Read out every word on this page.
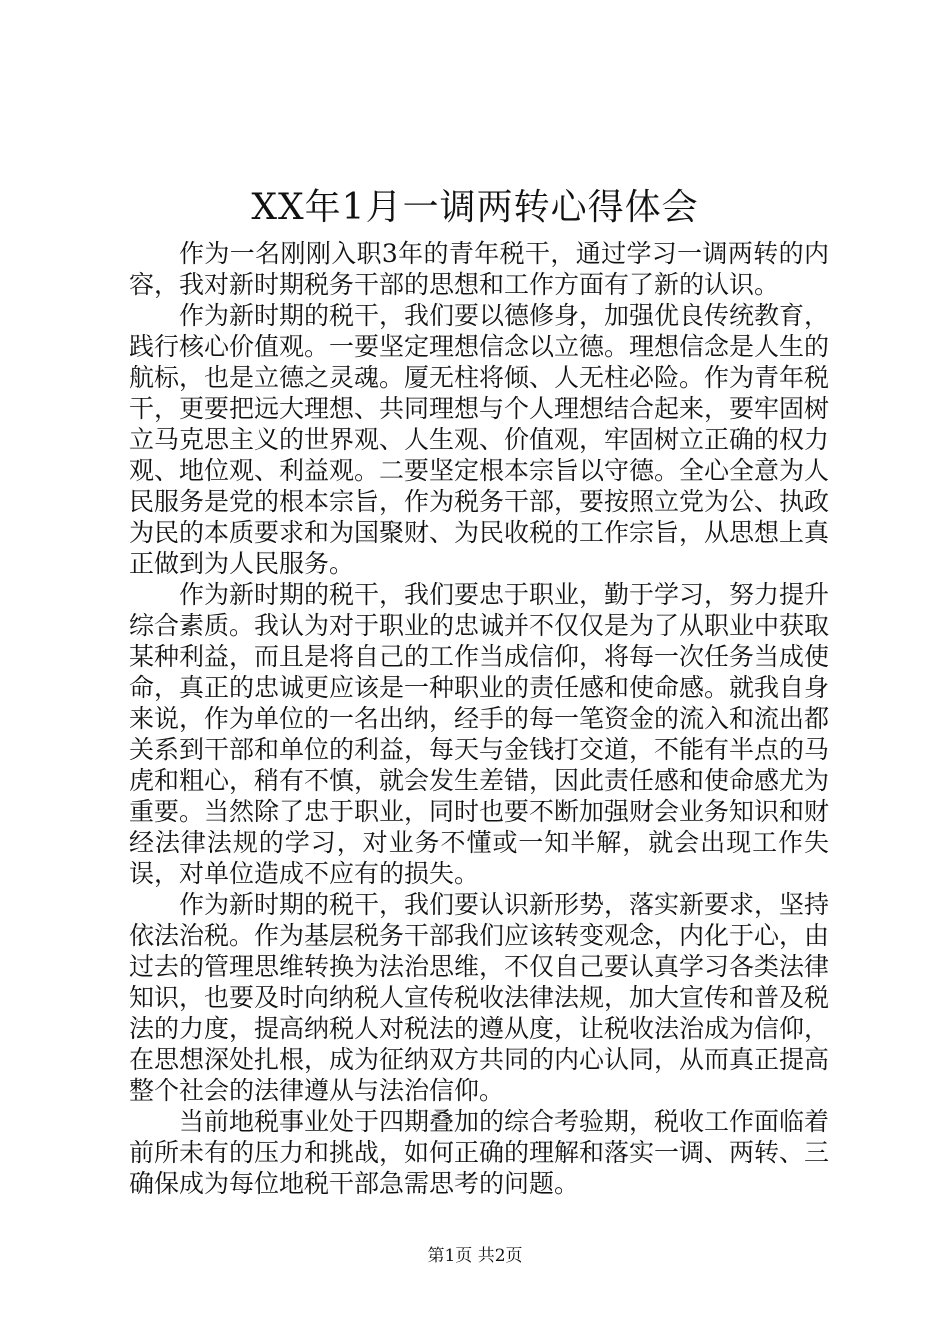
XX年1月一调两转心得体会

作为一名刚刚入职3年的青年税干，通过学习一调两转的内容，我对新时期税务干部的思想和工作方面有了新的认识。

作为新时期的税干，我们要以德修身，加强优良传统教育，践行核心价值观。一要坚定理想信念以立德。理想信念是人生的航标，也是立德之灵魂。厦无柱将倾、人无柱必险。作为青年税干，更要把远大理想、共同理想与个人理想结合起来，要牢固树立马克思主义的世界观、人生观、价值观，牢固树立正确的权力观、地位观、利益观。二要坚定根本宗旨以守德。全心全意为人民服务是党的根本宗旨，作为税务干部，要按照立党为公、执政为民的本质要求和为国聚财、为民收税的工作宗旨，从思想上真正做到为人民服务。

作为新时期的税干，我们要忠于职业，勤于学习，努力提升综合素质。我认为对于职业的忠诚并不仅仅是为了从职业中获取某种利益，而且是将自己的工作当成信仰，将每一次任务当成使命，真正的忠诚更应该是一种职业的责任感和使命感。就我自身来说，作为单位的一名出纳，经手的每一笔资金的流入和流出都关系到干部和单位的利益，每天与金钱打交道，不能有半点的马虎和粗心，稍有不慎，就会发生差错，因此责任感和使命感尤为重要。当然除了忠于职业，同时也要不断加强财会业务知识和财经法律法规的学习，对业务不懂或一知半解，就会出现工作失误，对单位造成不应有的损失。

作为新时期的税干，我们要认识新形势，落实新要求，坚持依法治税。作为基层税务干部我们应该转变观念，内化于心，由过去的管理思维转换为法治思维，不仅自己要认真学习各类法律知识，也要及时向纳税人宣传税收法律法规，加大宣传和普及税法的力度，提高纳税人对税法的遵从度，让税收法治成为信仰，在思想深处扎根，成为征纳双方共同的内心认同，从而真正提高整个社会的法律遵从与法治信仰。

当前地税事业处于四期叠加的综合考验期，税收工作面临着前所未有的压力和挑战，如何正确的理解和落实一调、两转、三确保成为每位地税干部急需思考的问题。

第1页 共2页
